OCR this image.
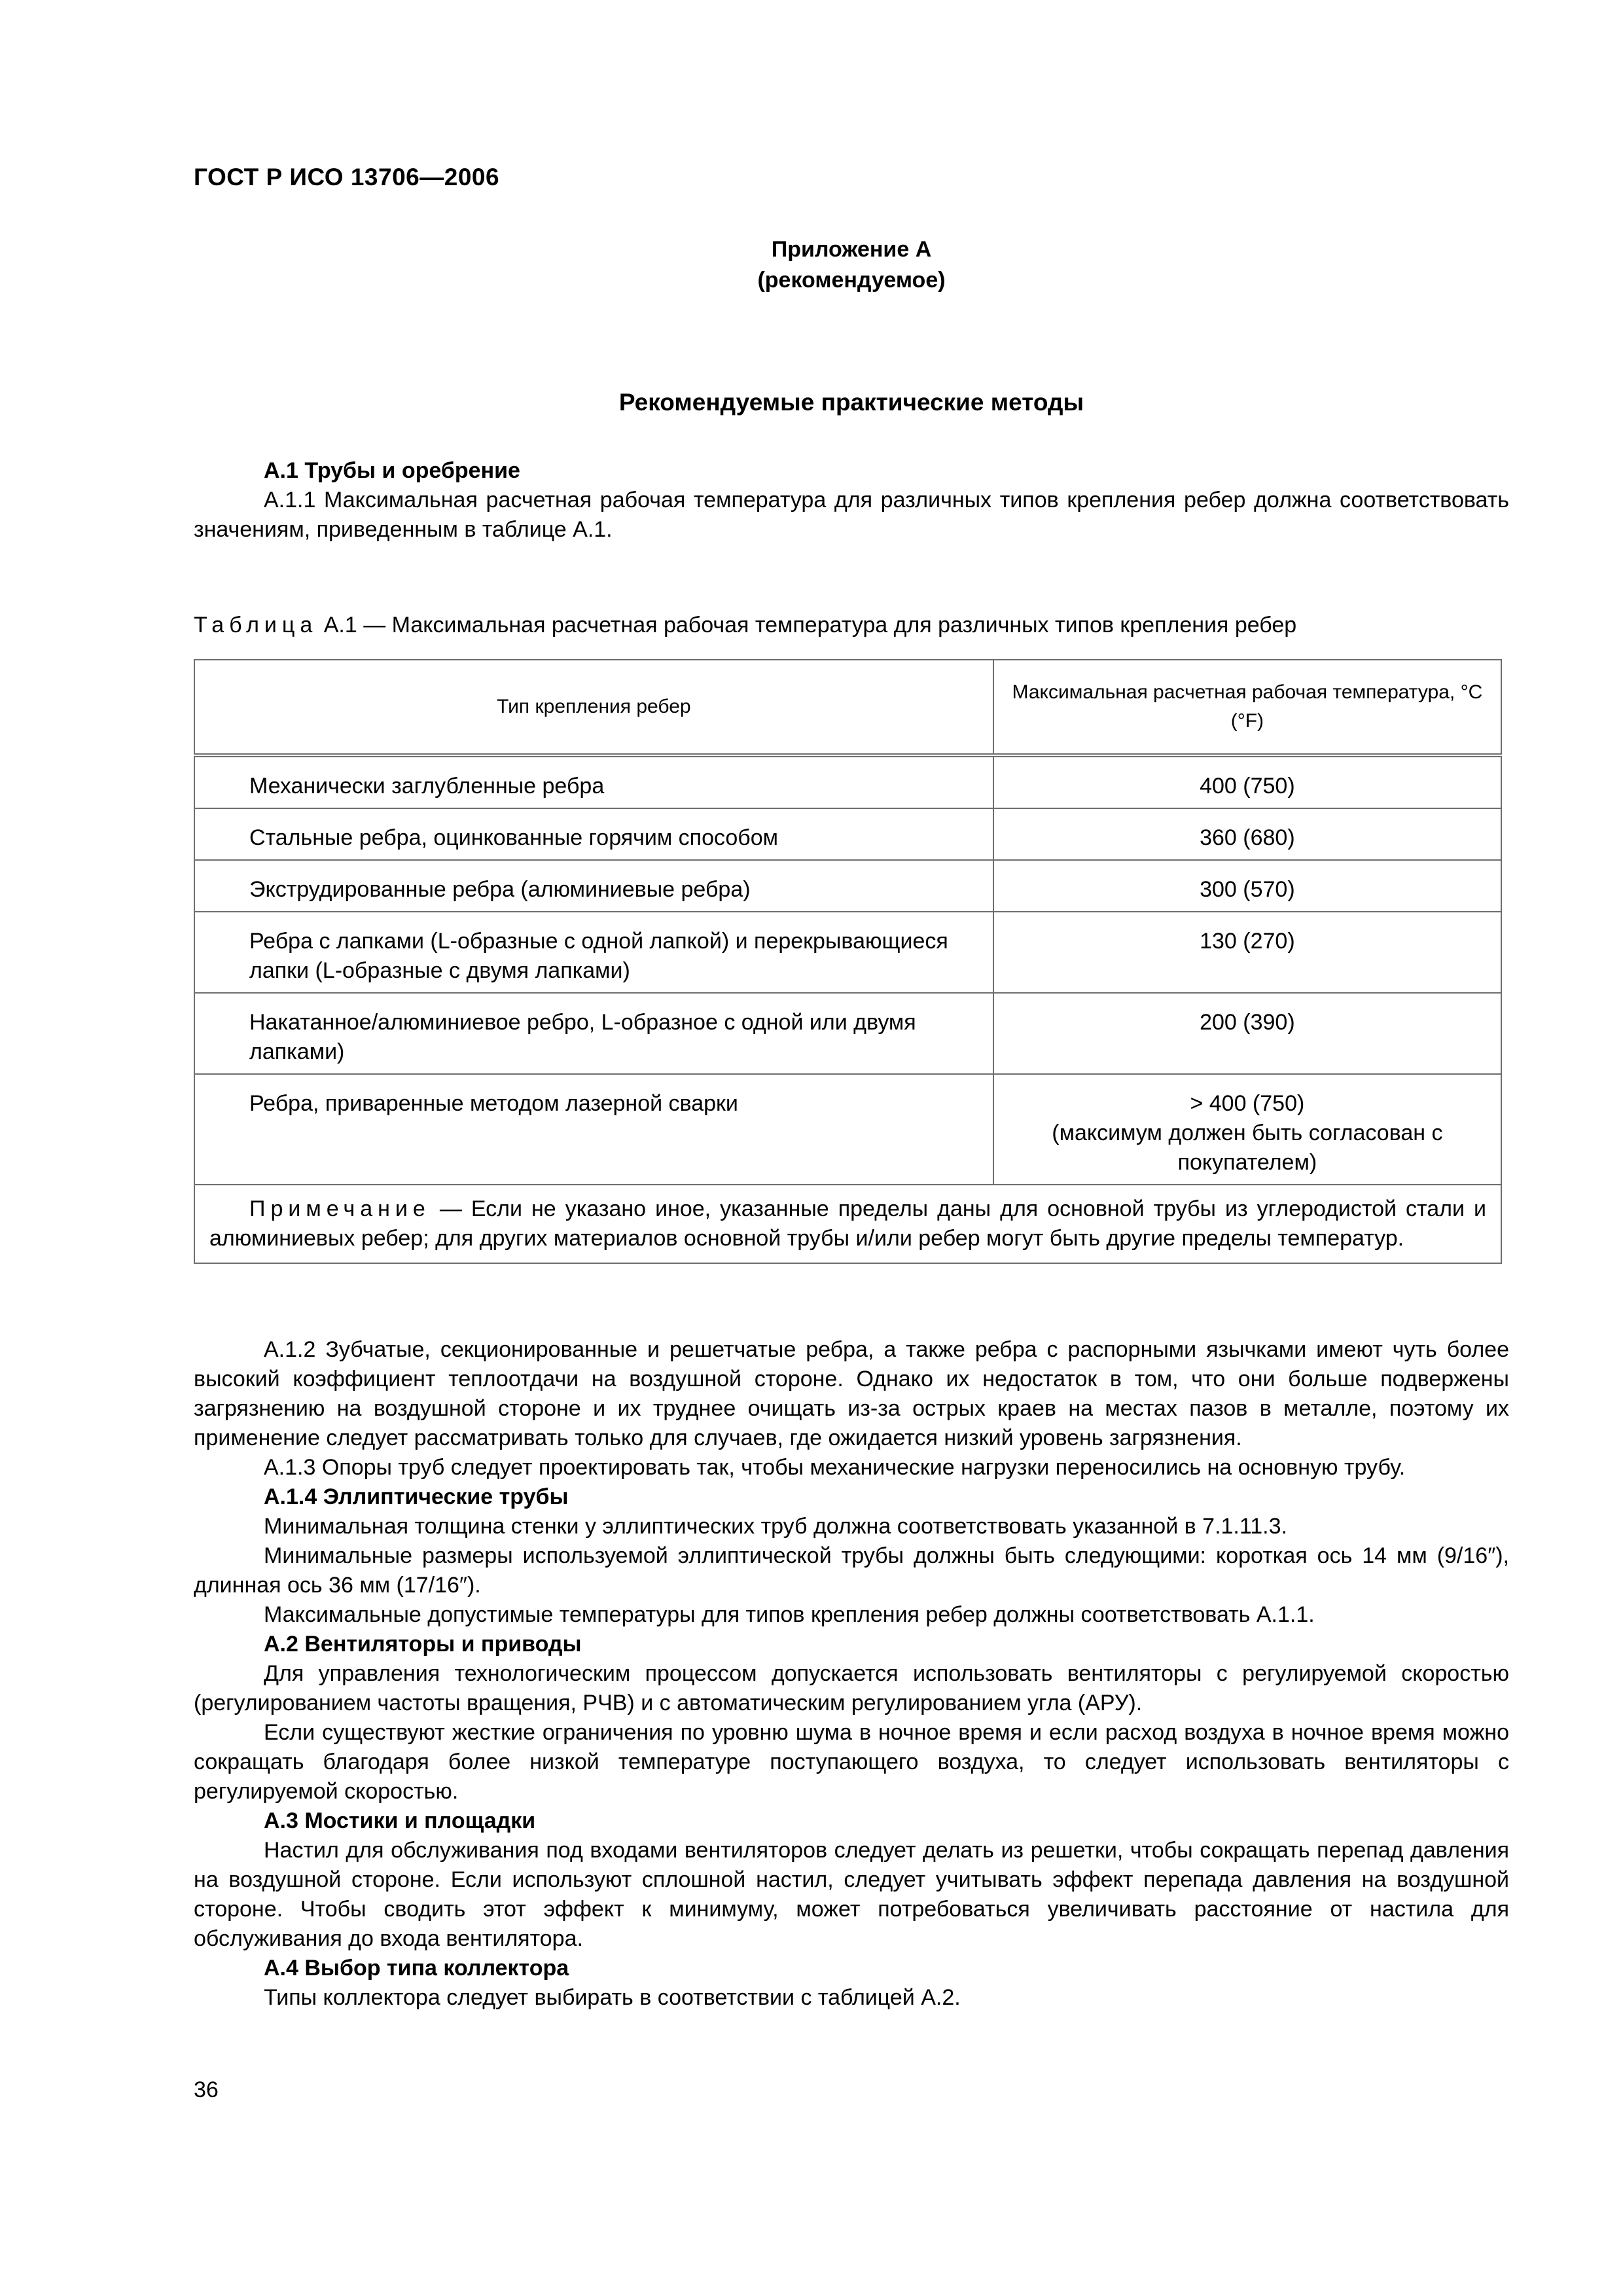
ГОСТ Р ИСО 13706—2006
Приложение А
(рекомендуемое)
Рекомендуемые практические методы

А.1 Трубы и оребрение

А.1.1 Максимальная расчетная рабочая температура для различных типов крепления ребер должна соответствовать значениям, приведенным в таблице А.1.

Таблица А.1 — Максимальная расчетная рабочая температура для различных типов крепления ребер
Тип крепления ребер	Максимальная расчетная рабочая температура, °С (°F)
Механически заглубленные ребра	400 (750)
Стальные ребра, оцинкованные горячим способом	360 (680)
Экструдированные ребра (алюминиевые ребра)	300 (570)
Ребра с лапками (L-образные с одной лапкой) и перекрывающиеся лапки (L-образные с двумя лапками)	130 (270)
Накатанное/алюминиевое ребро, L-образное с одной или двумя лапками)	200 (390)
Ребра, приваренные методом лазерной сварки	> 400 (750)
(максимум должен быть согласован с покупателем)

Примечание — Если не указано иное, указанные пределы даны для основной трубы из углеродистой стали и алюминиевых ребер; для других материалов основной трубы и/или ребер могут быть другие пределы температур.	

А.1.2 Зубчатые, секционированные и решетчатые ребра, а также ребра с распорными язычками имеют чуть более высокий коэффициент теплоотдачи на воздушной стороне. Однако их недостаток в том, что они больше подвержены загрязнению на воздушной стороне и их труднее очищать из-за острых краев на местах пазов в металле, поэтому их применение следует рассматривать только для случаев, где ожидается низкий уровень загрязнения.

А.1.3 Опоры труб следует проектировать так, чтобы механические нагрузки переносились на основную трубу.

А.1.4 Эллиптические трубы

Минимальная толщина стенки у эллиптических труб должна соответствовать указанной в 7.1.11.3.

Минимальные размеры используемой эллиптической трубы должны быть следующими: короткая ось 14 мм (9/16″), длинная ось 36 мм (17/16″).

Максимальные допустимые температуры для типов крепления ребер должны соответствовать А.1.1.

А.2 Вентиляторы и приводы

Для управления технологическим процессом допускается использовать вентиляторы с регулируемой скоростью (регулированием частоты вращения, РЧВ) и с автоматическим регулированием угла (АРУ).

Если существуют жесткие ограничения по уровню шума в ночное время и если расход воздуха в ночное время можно сокращать благодаря более низкой температуре поступающего воздуха, то следует использовать вентиляторы с регулируемой скоростью.

А.3 Мостики и площадки

Настил для обслуживания под входами вентиляторов следует делать из решетки, чтобы сокращать перепад давления на воздушной стороне. Если используют сплошной настил, следует учитывать эффект перепада давления на воздушной стороне. Чтобы сводить этот эффект к минимуму, может потребоваться увеличивать расстояние от настила для обслуживания до входа вентилятора.

А.4 Выбор типа коллектора

Типы коллектора следует выбирать в соответствии с таблицей А.2.

36
